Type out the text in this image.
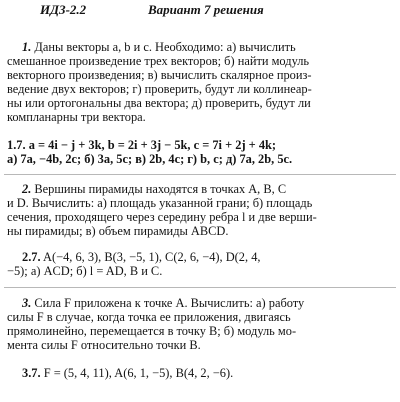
ИДЗ-2.2	Вариант 7 решения
1. Даны векторы a, b и c. Необходимо: а) вычислить
смешанное произведение трех векторов; б) найти модуль
векторного произведения; в) вычислить скалярное произ-
ведение двух векторов; г) проверить, будут ли коллинеар-
ны или ортогональны два вектора; д) проверить, будут ли
компланарны три вектора.
1.7. a = 4i − j + 3k, b = 2i + 3j − 5k, c = 7i + 2j + 4k;
а) 7a, −4b, 2c; б) 3a, 5c; в) 2b, 4c; г) b, c; д) 7a, 2b, 5c.
2. Вершины пирамиды находятся в точках A, B, C
и D. Вычислить: а) площадь указанной грани; б) площадь
сечения, проходящего через середину ребра l и две верши-
ны пирамиды; в) объем пирамиды ABCD.
2.7. A(−4, 6, 3), B(3, −5, 1), C(2, 6, −4), D(2, 4,
−5); а) ACD; б) l = AD, B и C.
3. Сила F приложена к точке A. Вычислить: а) работу
силы F в случае, когда точка ее приложения, двигаясь
прямолинейно, перемещается в точку B; б) модуль мо-
мента силы F относительно точки B.
3.7. F = (5, 4, 11), A(6, 1, −5), B(4, 2, −6).
